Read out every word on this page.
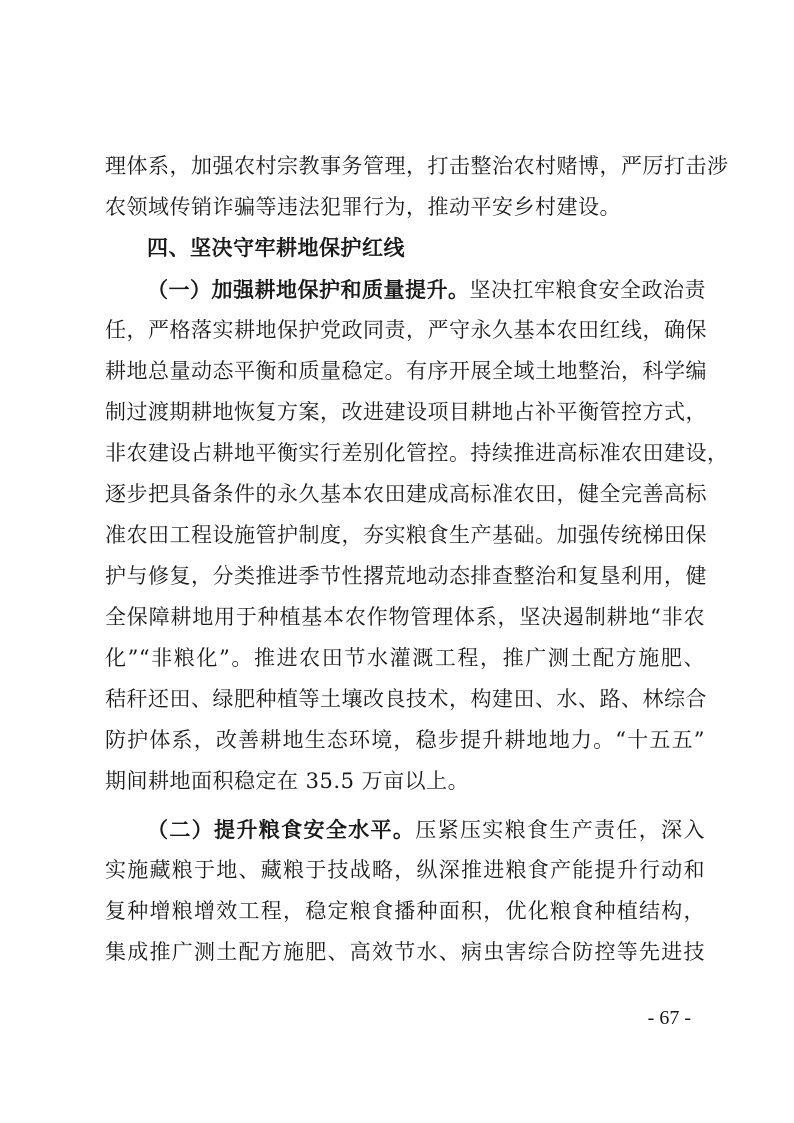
理体系，加强农村宗教事务管理，打击整治农村赌博，严厉打击涉
农领域传销诈骗等违法犯罪行为，推动平安乡村建设。
四、坚决守牢耕地保护红线
（一）加强耕地保护和质量提升。坚决扛牢粮食安全政治责
任，严格落实耕地保护党政同责，严守永久基本农田红线，确保
耕地总量动态平衡和质量稳定。有序开展全域土地整治，科学编
制过渡期耕地恢复方案，改进建设项目耕地占补平衡管控方式，
非农建设占耕地平衡实行差别化管控。持续推进高标准农田建设，
逐步把具备条件的永久基本农田建成高标准农田，健全完善高标
准农田工程设施管护制度，夯实粮食生产基础。加强传统梯田保
护与修复，分类推进季节性撂荒地动态排查整治和复垦利用，健
全保障耕地用于种植基本农作物管理体系，坚决遏制耕地“非农
化”“非粮化”。推进农田节水灌溉工程，推广测土配方施肥、
秸秆还田、绿肥种植等土壤改良技术，构建田、水、路、林综合
防护体系，改善耕地生态环境，稳步提升耕地地力。“十五五”
期间耕地面积稳定在 35.5 万亩以上。
（二）提升粮食安全水平。压紧压实粮食生产责任，深入
实施藏粮于地、藏粮于技战略，纵深推进粮食产能提升行动和
复种增粮增效工程，稳定粮食播种面积，优化粮食种植结构，
集成推广测土配方施肥、高效节水、病虫害综合防控等先进技
- 67 -
